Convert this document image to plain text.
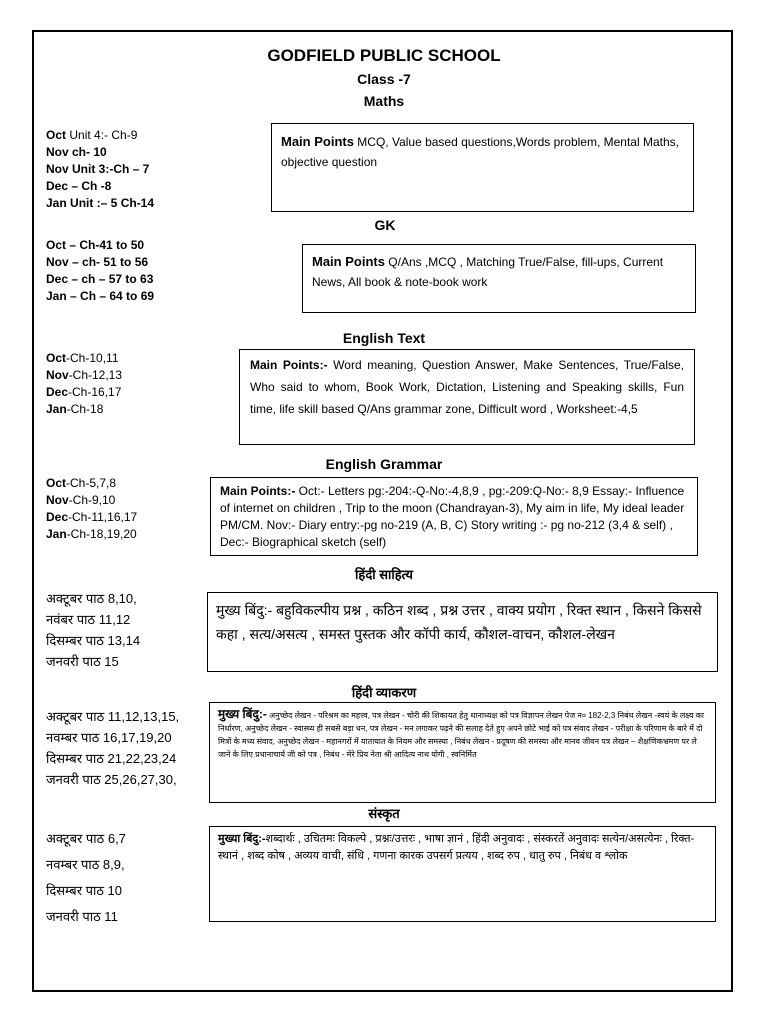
GODFIELD PUBLIC SCHOOL
Class -7
Maths
Oct Unit 4:- Ch-9
Nov ch- 10
Nov Unit 3:-Ch – 7
Dec – Ch -8
Jan Unit :– 5 Ch-14
Main Points MCQ, Value based questions,Words problem, Mental Maths, objective question
GK
Oct – Ch-41 to 50
Nov – ch- 51 to 56
Dec – ch – 57 to 63
Jan – Ch – 64 to 69
Main Points Q/Ans ,MCQ , Matching True/False, fill-ups, Current News, All book & note-book work
English Text
Oct-Ch-10,11
Nov-Ch-12,13
Dec-Ch-16,17
Jan-Ch-18
Main Points:- Word meaning, Question Answer, Make Sentences, True/False, Who said to whom, Book Work, Dictation, Listening and Speaking skills, Fun time, life skill based Q/Ans grammar zone, Difficult word , Worksheet:-4,5
English Grammar
Oct-Ch-5,7,8
Nov-Ch-9,10
Dec-Ch-11,16,17
Jan-Ch-18,19,20
Main Points:- Oct:- Letters pg:-204:-Q-No:-4,8,9 , pg:-209:Q-No:- 8,9 Essay:- Influence of internet on children , Trip to the moon (Chandrayan-3), My aim in life, My ideal leader PM/CM. Nov:- Diary entry:-pg no-219 (A, B, C) Story writing :- pg no-212 (3,4 & self) , Dec:- Biographical sketch (self)
हिंदी साहित्य
अक्टूबर पाठ 8,10,
नवंबर पाठ 11,12
दिसम्बर पाठ 13,14
जनवरी पाठ 15
मुख्य बिंदु:- बहुविकल्पीय प्रश्न , कठिन शब्द , प्रश्न उत्तर , वाक्य प्रयोग , रिक्त स्थान , किसने किससे कहा , सत्य/असत्य , समस्त पुस्तक और कॉपी कार्य, कौशल-वाचन, कौशल-लेखन
हिंदी व्याकरण
अक्टूबर पाठ 11,12,13,15,
नवम्बर पाठ 16,17,19,20
दिसम्बर पाठ 21,22,23,24
जनवरी पाठ 25,26,27,30,
मुख्य बिंदु:- अनुच्छेद लेखन - परिश्रम का महत्त्व, पत्र लेखन - चोरी की शिकायत हेतु थानाध्यक्ष को पत्र विज्ञापन लेखन पेज न० 182-2,3 निबंध लेखन -स्वयं के लक्ष्य का निर्धारण, अनुच्छेद लेखन - स्वास्थ्य ही सबसे बड़ा धन, पत्र लेखन - मन लगाकर पढ़ने की सलाह देते हुए अपने छोटे भाई को पत्र संवाद लेखन - परीक्षा के परिणाम के बारे में दो मित्रों के मध्य संवाद, अनुच्छेद लेखन - महानगरों में यातायात के नियम और समस्या , निबंध लेखन - प्रदूषण की समस्या और मानव जीवन पत्र लेखन – शैक्षणिकभ्रमण पर ले जाने के लिए प्रधानाचार्य जी को पत्र , निबंध - मेरे प्रिय नेता श्री आदित्य नाथ योगी , स्वनिर्मित
संस्कृत
अक्टूबर पाठ 6,7
नवम्बर पाठ 8,9,
दिसम्बर पाठ 10
जनवरी पाठ 11
मुख्या बिंदु:-शब्दार्थः , उचितमः विकल्पे , प्रश्नः/उत्तरः , भाषा ज्ञानं , हिंदी अनुवादः , संस्करतें अनुवादः सत्येन/असत्येनः , रिक्त-स्थानं , शब्द कोष , अव्यय वाची, संधि , गणना कारक उपसर्ग प्रत्यय , शब्द रुप , धातु रुप , निबंध व श्लोक
